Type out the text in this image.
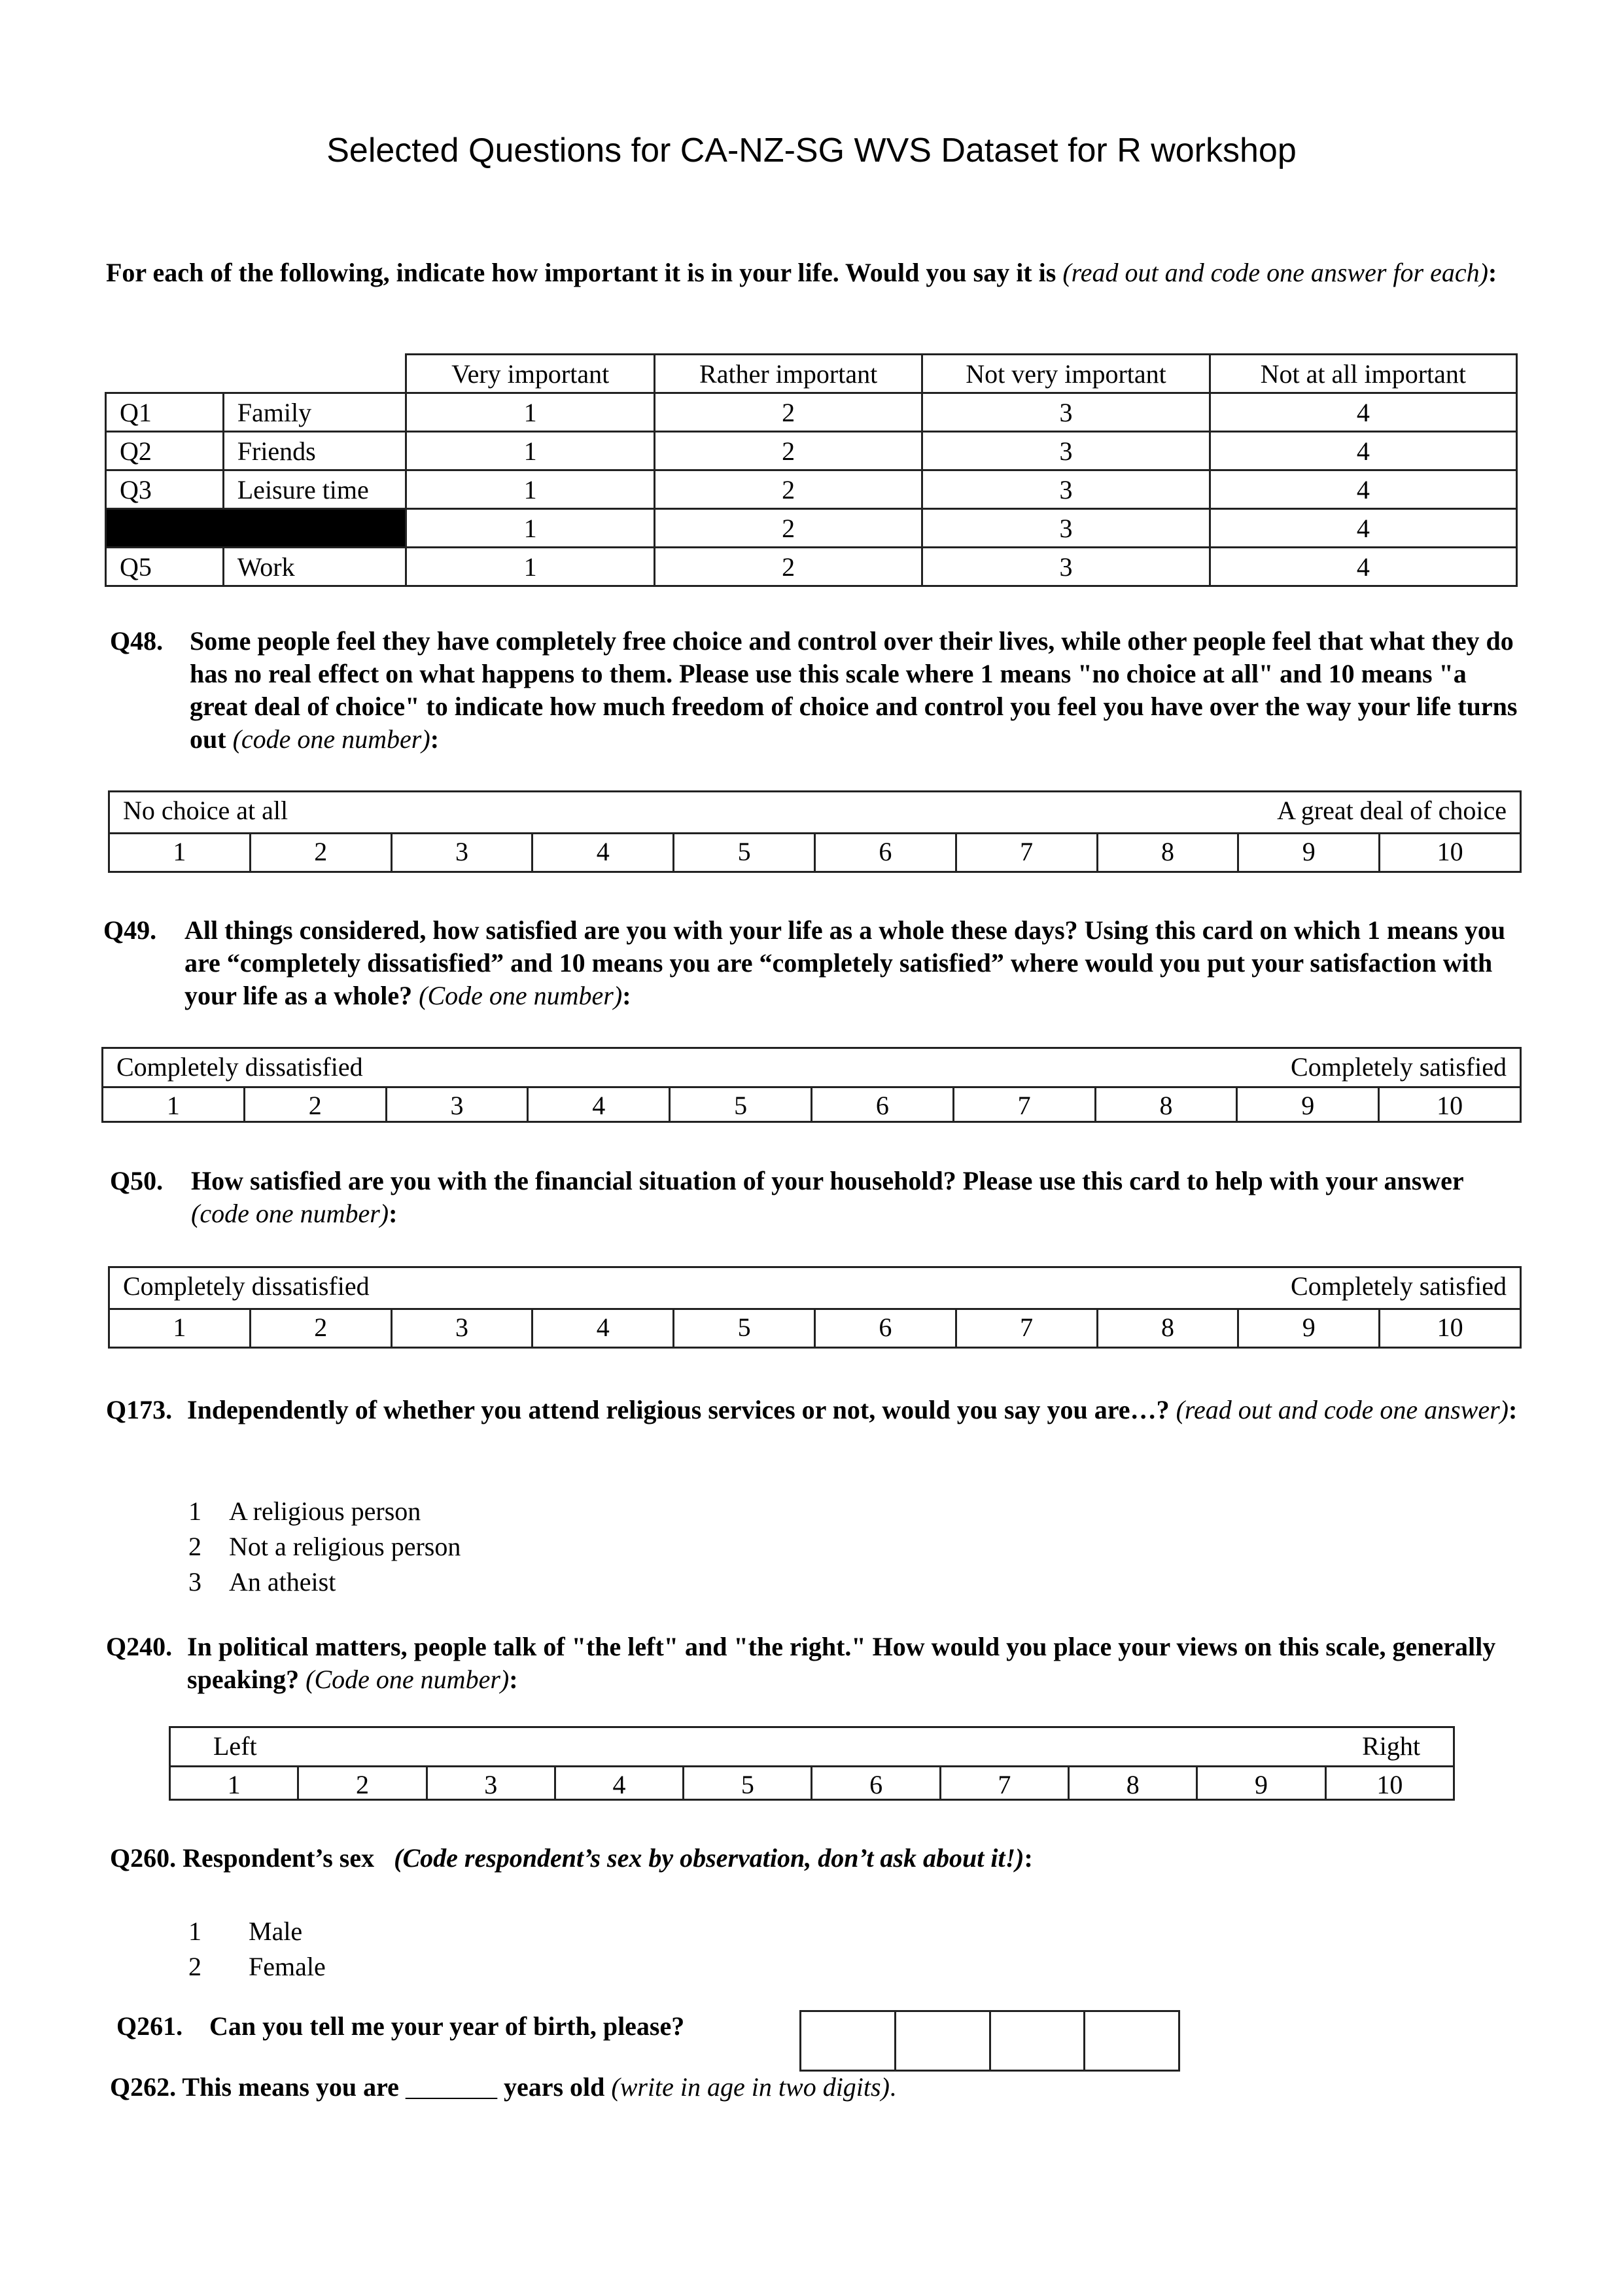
Selected Questions for CA-NZ-SG WVS Dataset for R workshop
For each of the following, indicate how important it is in your life. Would you say it is (read out and code one answer for each):
		Very important	Rather important	Not very important	Not at all important
Q1	Family	1	2	3	4
Q2	Friends	1	2	3	4
Q3	Leisure time	1	2	3	4
		1	2	3	4
Q5	Work	1	2	3	4
Q48. Some people feel they have completely free choice and control over their lives, while other people feel that what they do has no real effect on what happens to them. Please use this scale where 1 means "no choice at all" and 10 means "a great deal of choice" to indicate how much freedom of choice and control you feel you have over the way your life turns out (code one number):
No choice at all	A great deal of choice
1	2	3	4	5	6	7	8	9	10
Q49. All things considered, how satisfied are you with your life as a whole these days? Using this card on which 1 means you are “completely dissatisfied” and 10 means you are “completely satisfied” where would you put your satisfaction with your life as a whole? (Code one number):
Completely dissatisfied	Completely satisfied
1	2	3	4	5	6	7	8	9	10
Q50. How satisfied are you with the financial situation of your household? Please use this card to help with your answer (code one number):
Completely dissatisfied	Completely satisfied
1	2	3	4	5	6	7	8	9	10
Q173. Independently of whether you attend religious services or not, would you say you are…? (read out and code one answer):
1 A religious person
2 Not a religious person
3 An atheist
Q240. In political matters, people talk of "the left" and "the right." How would you place your views on this scale, generally speaking? (Code one number):
Left	Right
1	2	3	4	5	6	7	8	9	10
Q260. Respondent’s sex (Code respondent’s sex by observation, don’t ask about it!):
1 Male
2 Female
Q261. Can you tell me your year of birth, please?
Q262. This means you are _______ years old (write in age in two digits).
